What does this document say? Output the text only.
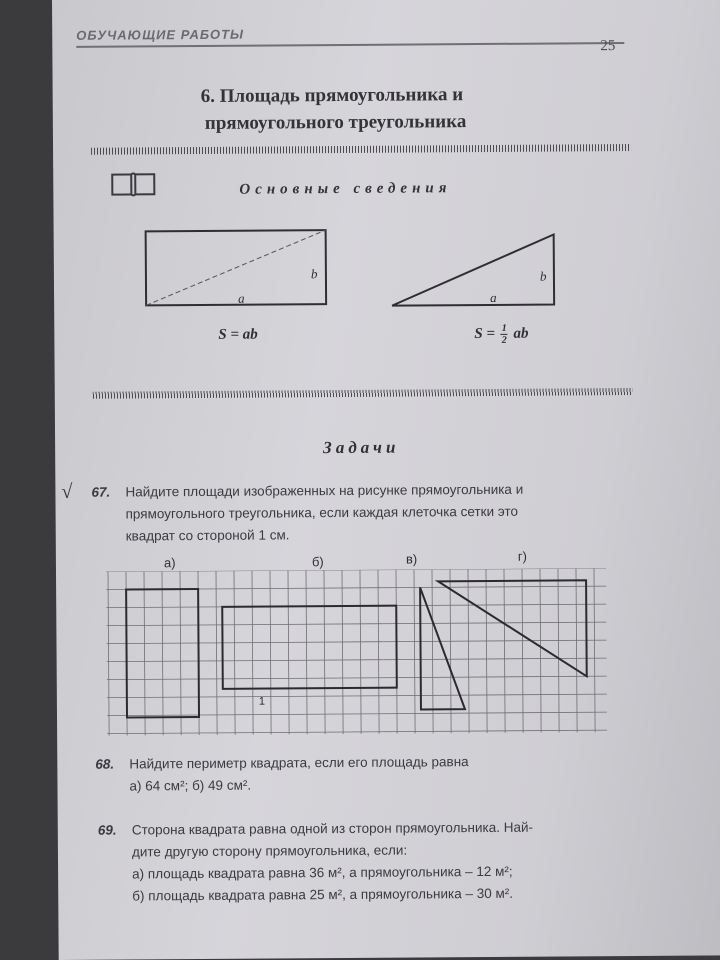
ОБУЧАЮЩИЕ РАБОТЫ
25
6. Площадь прямоугольника и
прямоугольного треугольника
Основные сведения
a
b
S = ab
a
b
$S = \frac{1}{2}$ ab
Задачи
√ 67. Найдите площади изображенных на рисунке прямоугольника и
прямоугольного треугольника, если каждая клеточка сетки это
квадрат со стороной 1 см.
а)	б)	в)	г)
1
68. Найдите периметр квадрата, если его площадь равна
а) 64 см²; б) 49 см².
69. Сторона квадрата равна одной из сторон прямоугольника. Най-
дите другую сторону прямоугольника, если:
а) площадь квадрата равна 36 м², а прямоугольника – 12 м²;
б) площадь квадрата равна 25 м², а прямоугольника – 30 м².
